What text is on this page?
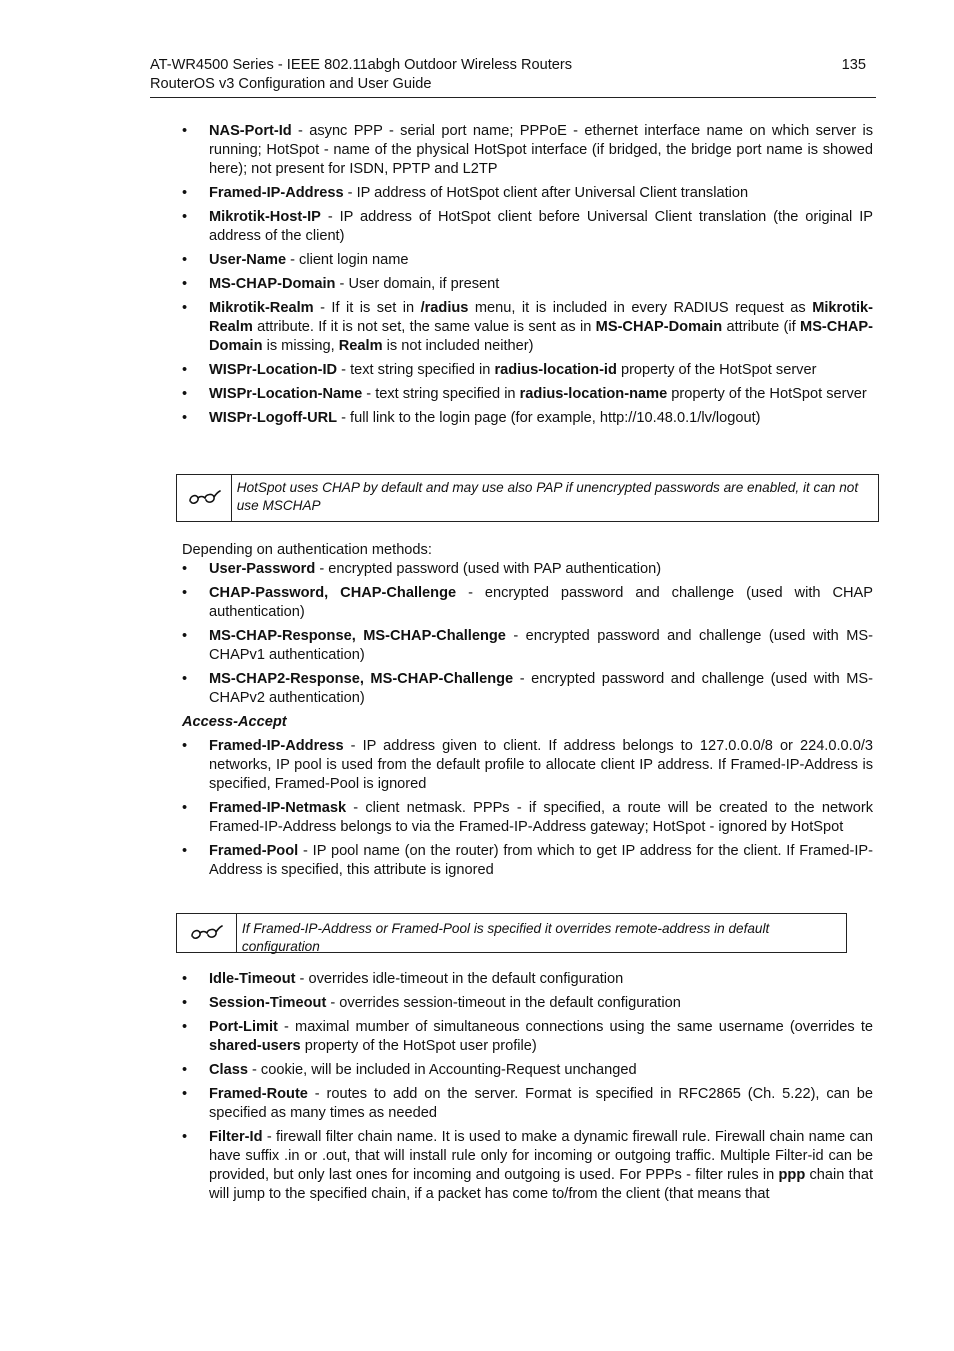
AT-WR4500 Series - IEEE 802.11abgh Outdoor Wireless Routers
RouterOS v3 Configuration and User Guide
135
• NAS-Port-Id - async PPP - serial port name; PPPoE - ethernet interface name on which server is running; HotSpot - name of the physical HotSpot interface (if bridged, the bridge port name is showed here); not present for ISDN, PPTP and L2TP
• Framed-IP-Address - IP address of HotSpot client after Universal Client translation
• Mikrotik-Host-IP - IP address of HotSpot client before Universal Client translation (the original IP address of the client)
• User-Name - client login name
• MS-CHAP-Domain - User domain, if present
• Mikrotik-Realm - If it is set in /radius menu, it is included in every RADIUS request as Mikrotik-Realm attribute. If it is not set, the same value is sent as in MS-CHAP-Domain attribute (if MS-CHAP-Domain is missing, Realm is not included neither)
• WISPr-Location-ID - text string specified in radius-location-id property of the HotSpot server
• WISPr-Location-Name - text string specified in radius-location-name property of the HotSpot server
• WISPr-Logoff-URL - full link to the login page (for example, http://10.48.0.1/lv/logout)
HotSpot uses CHAP by default and may use also PAP if unencrypted passwords are enabled, it can not use MSCHAP

Depending on authentication methods:

• User-Password - encrypted password (used with PAP authentication)
• CHAP-Password, CHAP-Challenge - encrypted password and challenge (used with CHAP authentication)
• MS-CHAP-Response, MS-CHAP-Challenge - encrypted password and challenge (used with MS-CHAPv1 authentication)
• MS-CHAP2-Response, MS-CHAP-Challenge - encrypted password and challenge (used with MS-CHAPv2 authentication)

Access-Accept

• Framed-IP-Address - IP address given to client. If address belongs to 127.0.0.0/8 or 224.0.0.0/3 networks, IP pool is used from the default profile to allocate client IP address. If Framed-IP-Address is specified, Framed-Pool is ignored
• Framed-IP-Netmask - client netmask. PPPs - if specified, a route will be created to the network Framed-IP-Address belongs to via the Framed-IP-Address gateway; HotSpot - ignored by HotSpot
• Framed-Pool - IP pool name (on the router) from which to get IP address for the client. If Framed-IP-Address is specified, this attribute is ignored
If Framed-IP-Address or Framed-Pool is specified it overrides remote-address in default configuration
• Idle-Timeout - overrides idle-timeout in the default configuration
• Session-Timeout - overrides session-timeout in the default configuration
• Port-Limit - maximal mumber of simultaneous connections using the same username (overrides te shared-users property of the HotSpot user profile)
• Class - cookie, will be included in Accounting-Request unchanged
• Framed-Route - routes to add on the server. Format is specified in RFC2865 (Ch. 5.22), can be specified as many times as needed
• Filter-Id - firewall filter chain name. It is used to make a dynamic firewall rule. Firewall chain name can have suffix .in or .out, that will install rule only for incoming or outgoing traffic. Multiple Filter-id can be provided, but only last ones for incoming and outgoing is used. For PPPs - filter rules in ppp chain that will jump to the specified chain, if a packet has come to/from the client (that means that
